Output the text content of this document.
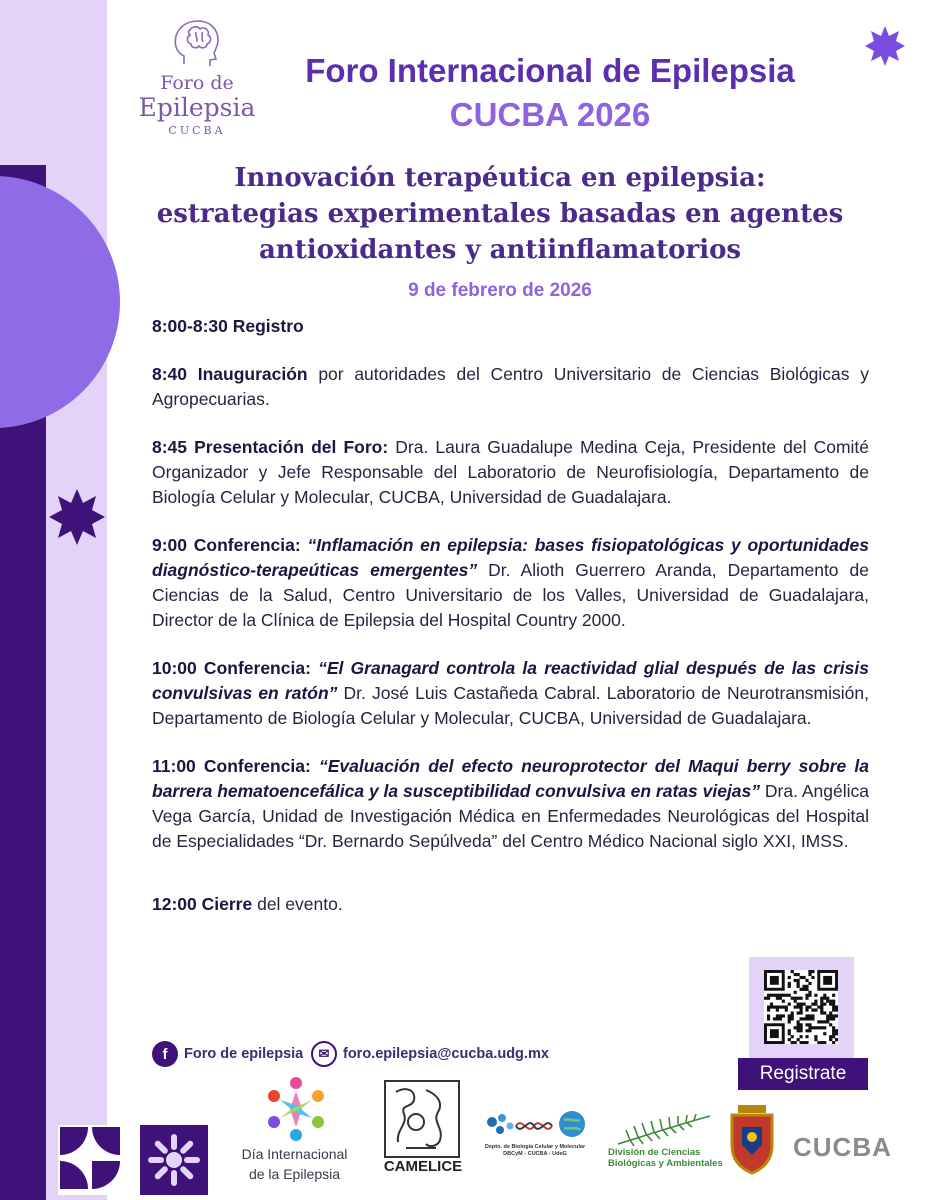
Foro de
Epilepsia
CUCBA
Foro Internacional de Epilepsia
CUCBA 2026
Innovación terapéutica en epilepsia:
estrategias experimentales basadas en agentes
antioxidantes y antiinflamatorios
9 de febrero de 2026
8:00-8:30 Registro
8:40 Inauguración por autoridades del Centro Universitario de Ciencias Biológicas y Agropecuarias.
8:45 Presentación del Foro: Dra. Laura Guadalupe Medina Ceja, Presidente del Comité Organizador y Jefe Responsable del Laboratorio de Neurofisiología, Departamento de Biología Celular y Molecular, CUCBA, Universidad de Guadalajara.
9:00 Conferencia: “Inflamación en epilepsia: bases fisiopatológicas y oportunidades diagnóstico-terapeúticas emergentes” Dr. Alioth Guerrero Aranda, Departamento de Ciencias de la Salud, Centro Universitario de los Valles, Universidad de Guadalajara, Director de la Clínica de Epilepsia del Hospital Country 2000.
10:00 Conferencia: “El Granagard controla la reactividad glial después de las crisis convulsivas en ratón” Dr. José Luis Castañeda Cabral. Laboratorio de Neurotransmisión, Departamento de Biología Celular y Molecular, CUCBA, Universidad de Guadalajara.
11:00 Conferencia: “Evaluación del efecto neuroprotector del Maqui berry sobre la barrera hematoencefálica y la susceptibilidad convulsiva en ratas viejas” Dra. Angélica Vega García, Unidad de Investigación Médica en Enfermedades Neurológicas del Hospital de Especialidades “Dr. Bernardo Sepúlveda” del Centro Médico Nacional siglo XXI, IMSS.
12:00 Cierre del evento.
Registrate
f	Foro de epilepsia	✉ foro.epilepsia@cucba.udg.mx
Día Internacional
de la Epilepsia	CAMELICE
Depto. de Biología Celular y Molecular
DBCyM - CUCBA - UdeG	División de Ciencias
Biológicas y Ambientales
CUCBA
